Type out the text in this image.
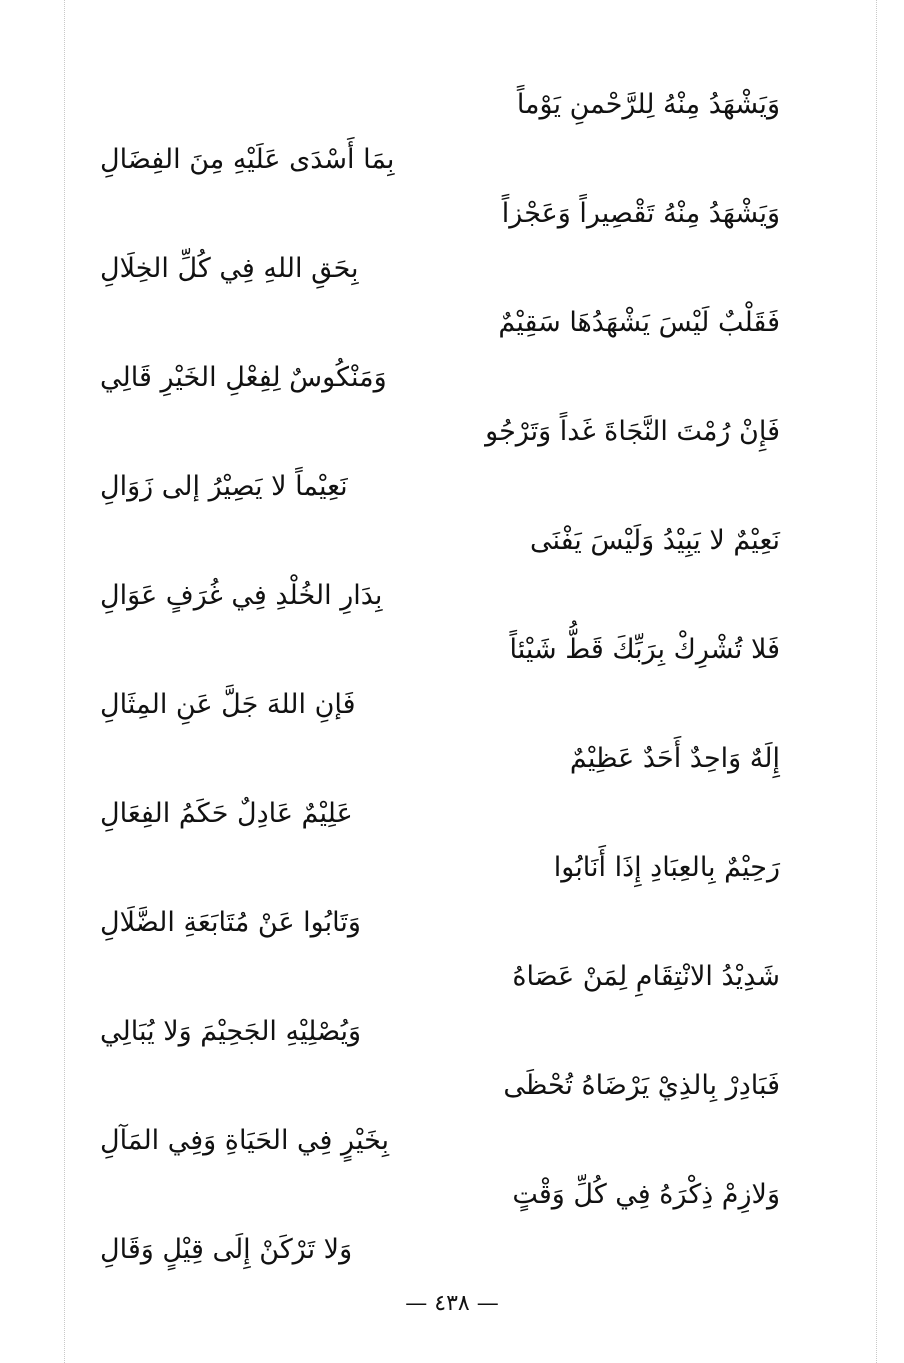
وَيَشْهَدُ مِنْهُ لِلرَّحْمنِ يَوْماً
بِمَا أَسْدَى عَلَيْهِ مِنَ الفِضَالِ
وَيَشْهَدُ مِنْهُ تَقْصِيراً وَعَجْزاً
بِحَقِ اللهِ فِي كُلِّ الخِلَالِ
فَقَلْبٌ لَيْسَ يَشْهَدُهَا سَقِيْمٌ
وَمَنْكُوسٌ لِفِعْلِ الخَيْرِ قَالِي
فَإِنْ رُمْتَ النَّجَاةَ غَداً وَتَرْجُو
نَعِيْماً لا يَصِيْرُ إلى زَوَالِ
نَعِيْمٌ لا يَبِيْدُ وَلَيْسَ يَفْنَى
بِدَارِ الخُلْدِ فِي غُرَفٍ عَوَالِ
فَلا تُشْرِكْ بِرَبِّكَ قَطُّ شَيْئاً
فَإنِ اللهَ جَلَّ عَنِ المِثَالِ
إِلَهٌ وَاحِدٌ أَحَدٌ عَظِيْمٌ
عَلِيْمٌ عَادِلٌ حَكَمُ الفِعَالِ
رَحِيْمٌ بِالعِبَادِ إِذَا أَنَابُوا
وَتَابُوا عَنْ مُتَابَعَةِ الضَّلَالِ
شَدِيْدُ الانْتِقَامِ لِمَنْ عَصَاهُ
وَيُصْلِيْهِ الجَحِيْمَ وَلا يُبَالِي
فَبَادِرْ بِالذِيْ يَرْضَاهُ تُحْظَى
بِخَيْرٍ فِي الحَيَاةِ وَفِي المَآلِ
وَلازِمْ ذِكْرَهُ فِي كُلِّ وَقْتٍ
وَلا تَرْكَنْ إِلَى قِيْلٍ وَقَالِ
— ٤٣٨ —
